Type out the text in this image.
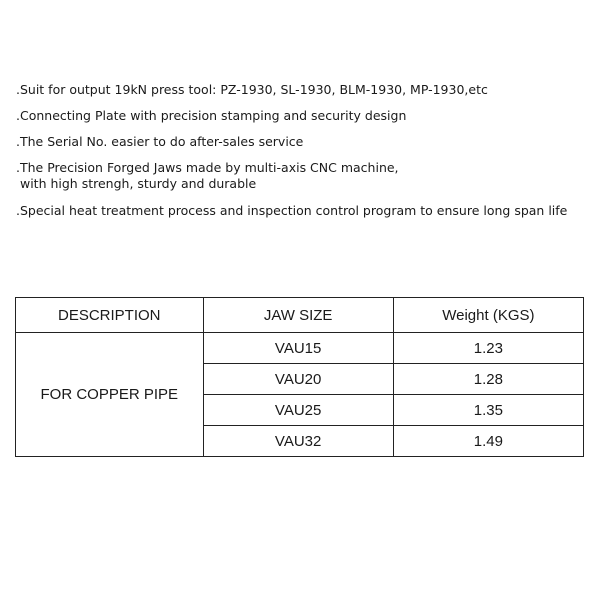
.Suit for output 19kN press tool: PZ-1930, SL-1930, BLM-1930, MP-1930,etc
.Connecting Plate with precision stamping and security design
.The Serial No. easier to do after-sales service
.The Precision Forged Jaws made by multi-axis CNC machine,
with high strengh, sturdy and durable
.Special heat treatment process and inspection control program to ensure long span life
DESCRIPTION	JAW SIZE	Weight (KGS)
FOR COPPER PIPE	VAU15	1.23
	VAU20	1.28
	VAU25	1.35
	VAU32	1.49
